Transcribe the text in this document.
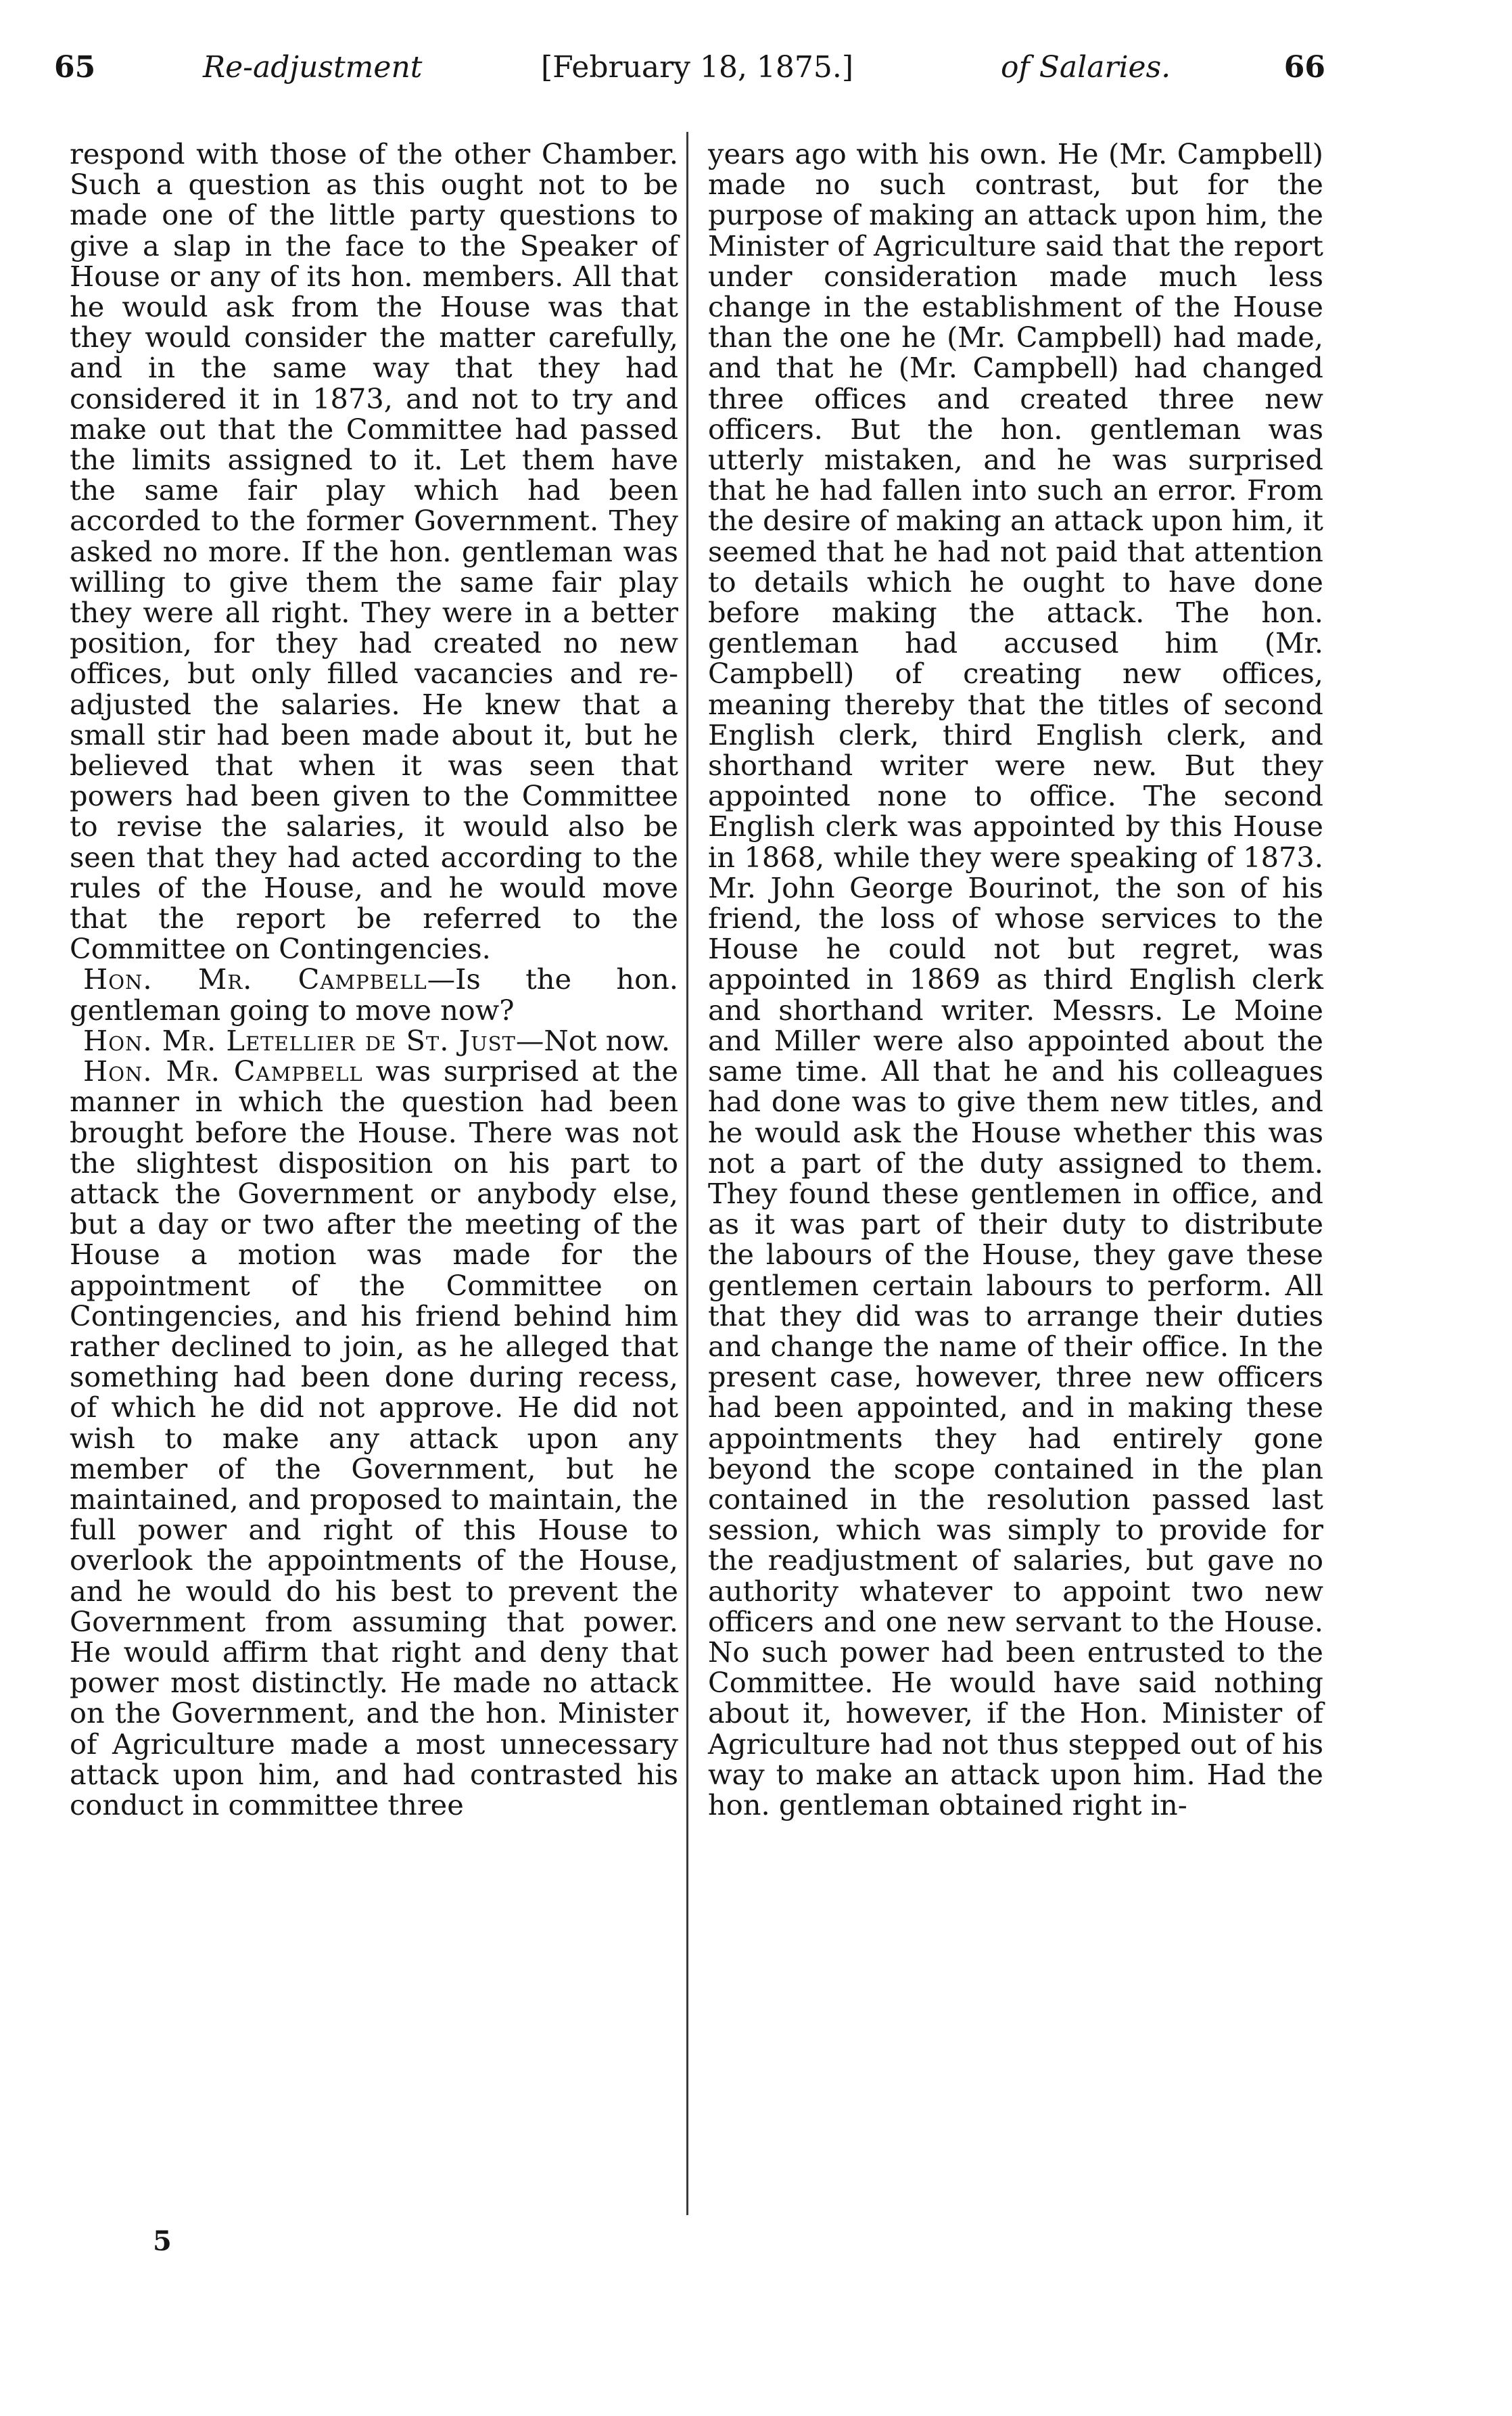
65	Re-adjustment	[February 18, 1875.]	of Salaries.	66

respond with those of the other Chamber. Such a question as this ought not to be made one of the little party questions to give a slap in the face to the Speaker of House or any of its hon. members. All that he would ask from the House was that they would consider the matter carefully, and in the same way that they had considered it in 1873, and not to try and make out that the Committee had passed the limits assigned to it. Let them have the same fair play which had been accorded to the former Government. They asked no more. If the hon. gentleman was willing to give them the same fair play they were all right. They were in a better position, for they had created no new offices, but only filled vacancies and re-adjusted the salaries. He knew that a small stir had been made about it, but he believed that when it was seen that powers had been given to the Committee to revise the salaries, it would also be seen that they had acted according to the rules of the House, and he would move that the report be referred to the Committee on Contingencies.

Hon. Mr. Campbell—Is the hon. gentleman going to move now?

Hon. Mr. Letellier de St. Just—Not now.

Hon. Mr. Campbell was surprised at the manner in which the question had been brought before the House. There was not the slightest disposition on his part to attack the Government or anybody else, but a day or two after the meeting of the House a motion was made for the appointment of the Committee on Contingencies, and his friend behind him rather declined to join, as he alleged that something had been done during recess, of which he did not approve. He did not wish to make any attack upon any member of the Government, but he maintained, and proposed to maintain, the full power and right of this House to overlook the appointments of the House, and he would do his best to prevent the Government from assuming that power. He would affirm that right and deny that power most distinctly. He made no attack on the Government, and the hon. Minister of Agriculture made a most unnecessary attack upon him, and had contrasted his conduct in committee three

years ago with his own. He (Mr. Campbell) made no such contrast, but for the purpose of making an attack upon him, the Minister of Agriculture said that the report under consideration made much less change in the establishment of the House than the one he (Mr. Campbell) had made, and that he (Mr. Campbell) had changed three offices and created three new officers. But the hon. gentleman was utterly mistaken, and he was surprised that he had fallen into such an error. From the desire of making an attack upon him, it seemed that he had not paid that attention to details which he ought to have done before making the attack. The hon. gentleman had accused him (Mr. Campbell) of creating new offices, meaning thereby that the titles of second English clerk, third English clerk, and shorthand writer were new. But they appointed none to office. The second English clerk was appointed by this House in 1868, while they were speaking of 1873. Mr. John George Bourinot, the son of his friend, the loss of whose services to the House he could not but regret, was appointed in 1869 as third English clerk and shorthand writer. Messrs. Le Moine and Miller were also appointed about the same time. All that he and his colleagues had done was to give them new titles, and he would ask the House whether this was not a part of the duty assigned to them. They found these gentlemen in office, and as it was part of their duty to distribute the labours of the House, they gave these gentlemen certain labours to perform. All that they did was to arrange their duties and change the name of their office. In the present case, however, three new officers had been appointed, and in making these appointments they had entirely gone beyond the scope contained in the plan contained in the resolution passed last session, which was simply to provide for the readjustment of salaries, but gave no authority whatever to appoint two new officers and one new servant to the House. No such power had been entrusted to the Committee. He would have said nothing about it, however, if the Hon. Minister of Agriculture had not thus stepped out of his way to make an attack upon him. Had the hon. gentleman obtained right in-

5
